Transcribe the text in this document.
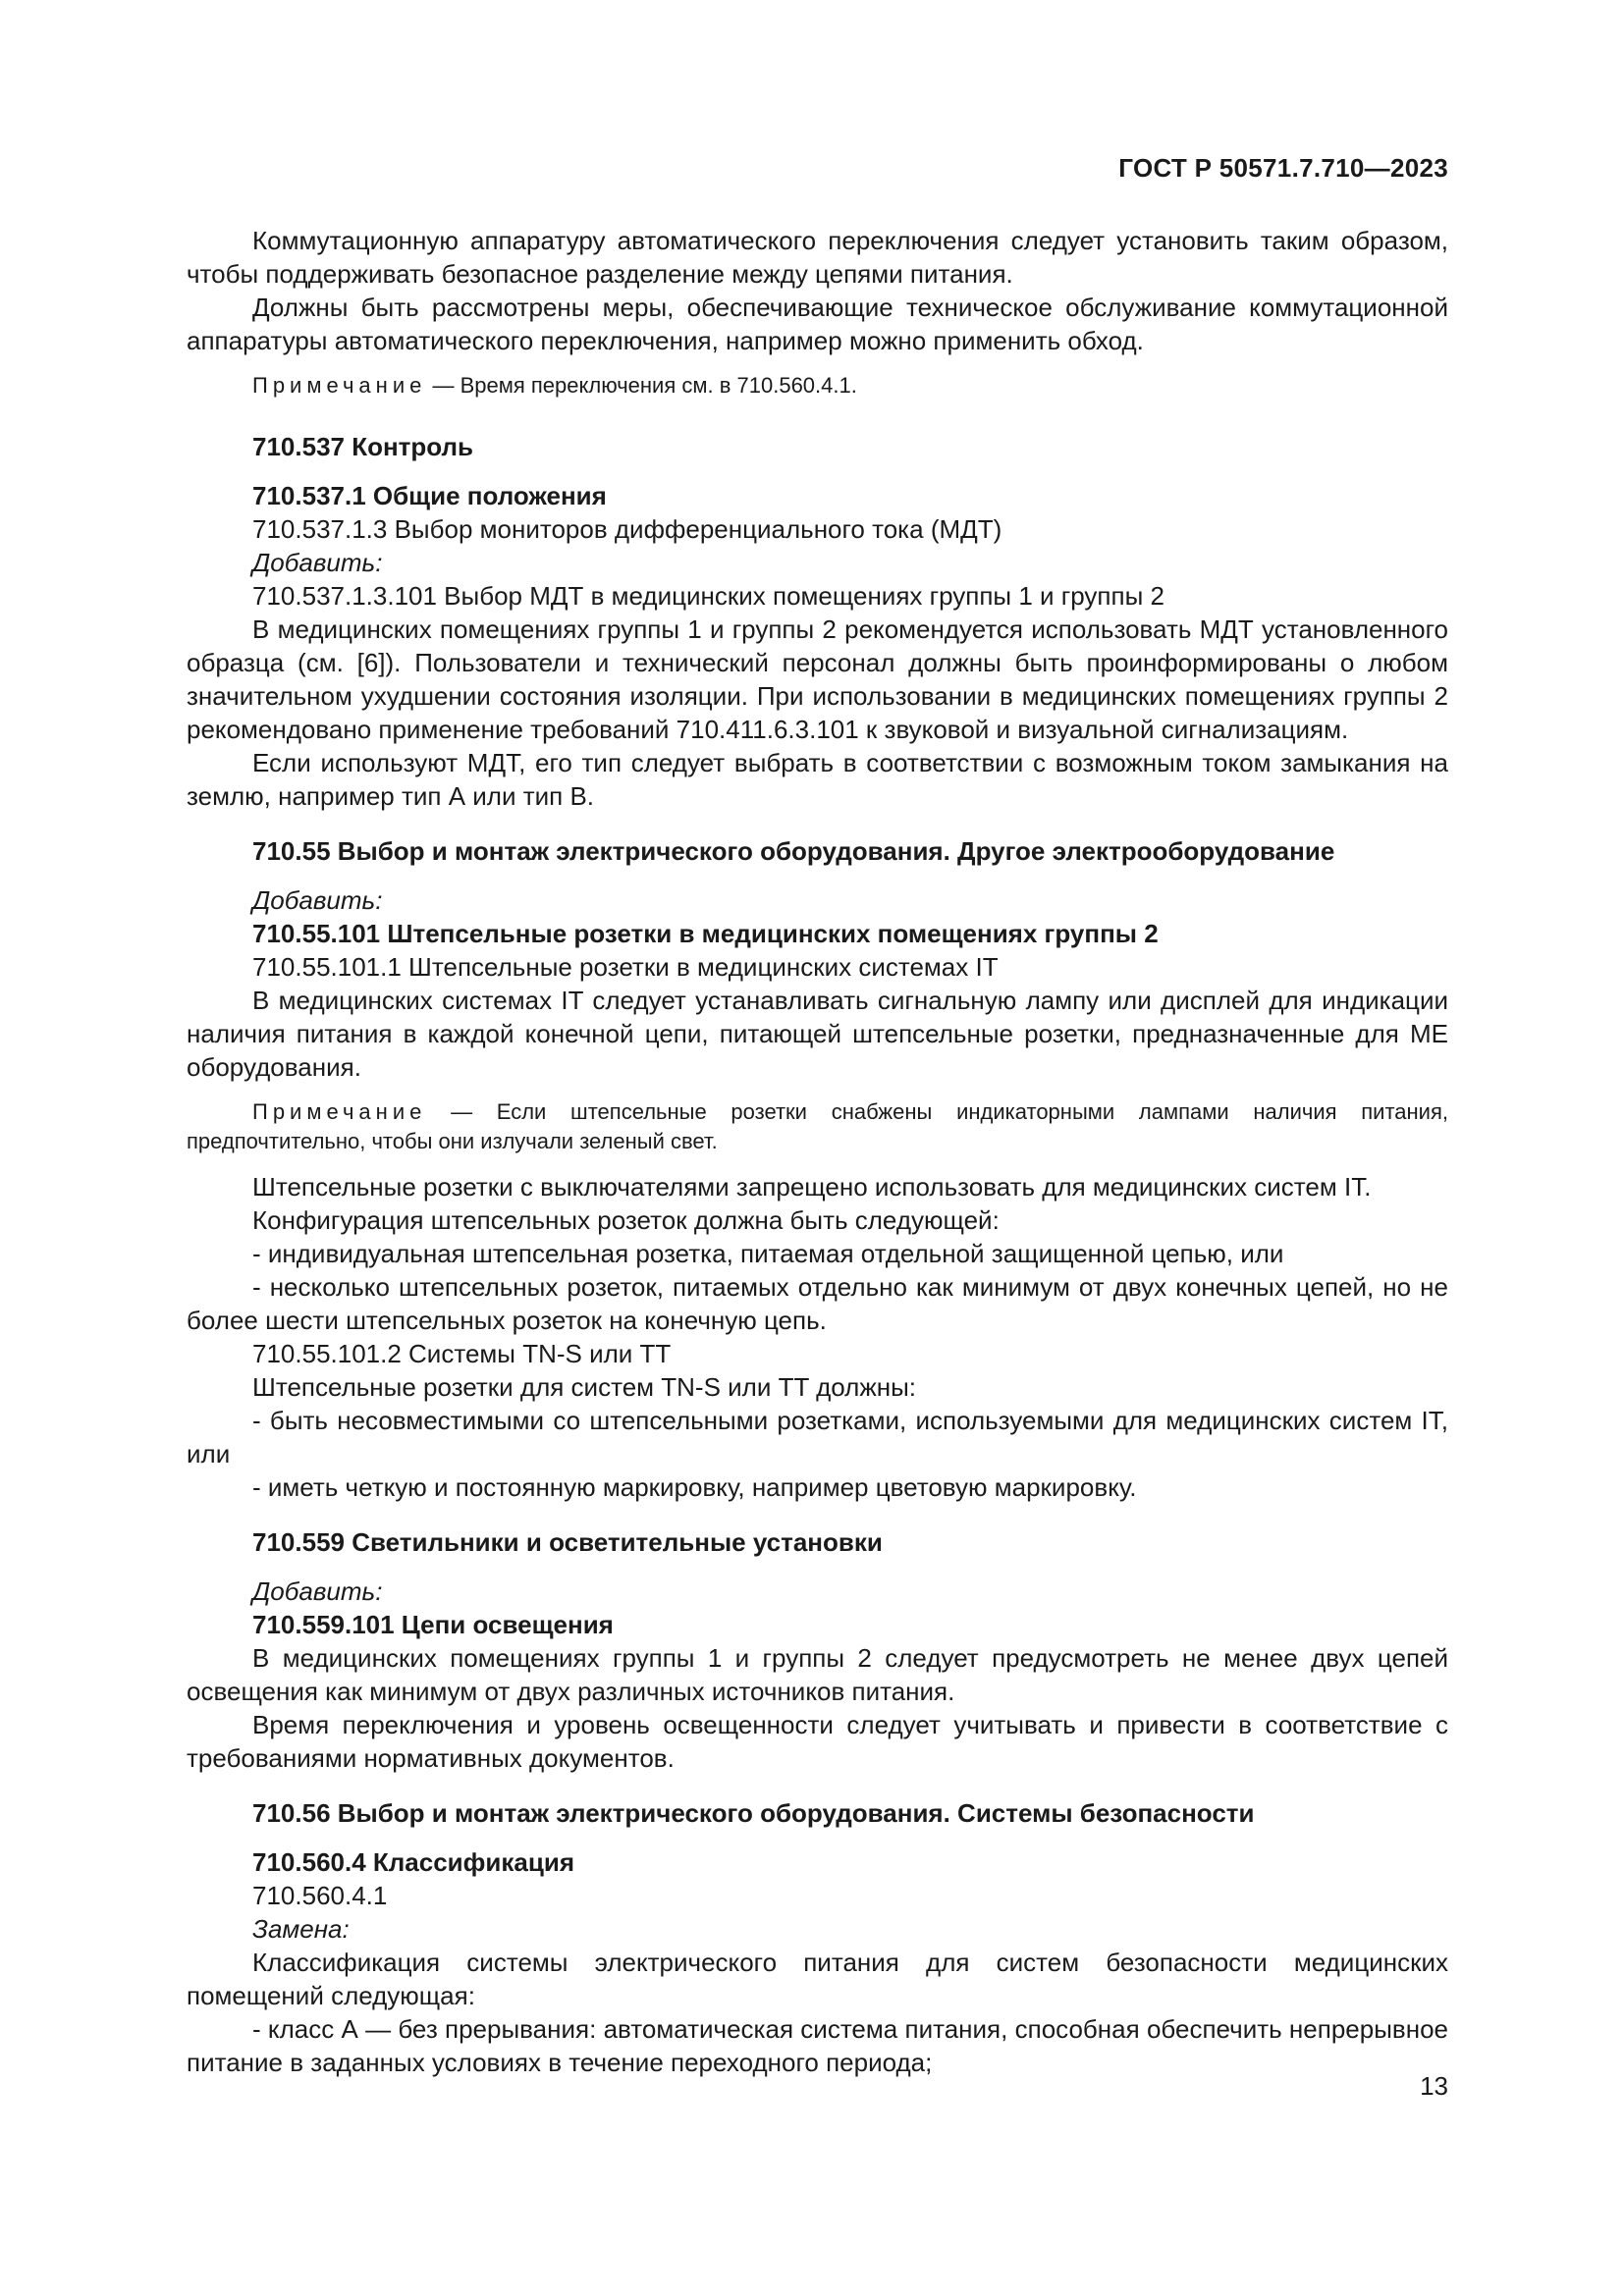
ГОСТ Р 50571.7.710—2023

Коммутационную аппаратуру автоматического переключения следует установить таким образом, чтобы поддерживать безопасное разделение между цепями питания.

Должны быть рассмотрены меры, обеспечивающие техническое обслуживание коммутационной аппаратуры автоматического переключения, например можно применить обход.

Примечание — Время переключения см. в 710.560.4.1.

710.537 Контроль

710.537.1 Общие положения

710.537.1.3 Выбор мониторов дифференциального тока (МДТ)

Добавить:

710.537.1.3.101 Выбор МДТ в медицинских помещениях группы 1 и группы 2

В медицинских помещениях группы 1 и группы 2 рекомендуется использовать МДТ установленного образца (см. [6]). Пользователи и технический персонал должны быть проинформированы о любом значительном ухудшении состояния изоляции. При использовании в медицинских помещениях группы 2 рекомендовано применение требований 710.411.6.3.101 к звуковой и визуальной сигнализациям.

Если используют МДТ, его тип следует выбрать в соответствии с возможным током замыкания на землю, например тип А или тип В.

710.55 Выбор и монтаж электрического оборудования. Другое электрооборудование

Добавить:

710.55.101 Штепсельные розетки в медицинских помещениях группы 2

710.55.101.1 Штепсельные розетки в медицинских системах IT

В медицинских системах IT следует устанавливать сигнальную лампу или дисплей для индикации наличия питания в каждой конечной цепи, питающей штепсельные розетки, предназначенные для МЕ оборудования.

Примечание — Если штепсельные розетки снабжены индикаторными лампами наличия питания, предпочтительно, чтобы они излучали зеленый свет.

Штепсельные розетки с выключателями запрещено использовать для медицинских систем IT.

Конфигурация штепсельных розеток должна быть следующей:

- индивидуальная штепсельная розетка, питаемая отдельной защищенной цепью, или

- несколько штепсельных розеток, питаемых отдельно как минимум от двух конечных цепей, но не более шести штепсельных розеток на конечную цепь.

710.55.101.2 Системы TN-S или TT

Штепсельные розетки для систем TN-S или TT должны:

- быть несовместимыми со штепсельными розетками, используемыми для медицинских систем IT, или

- иметь четкую и постоянную маркировку, например цветовую маркировку.

710.559 Светильники и осветительные установки

Добавить:

710.559.101 Цепи освещения

В медицинских помещениях группы 1 и группы 2 следует предусмотреть не менее двух цепей освещения как минимум от двух различных источников питания.

Время переключения и уровень освещенности следует учитывать и привести в соответствие с требованиями нормативных документов.

710.56 Выбор и монтаж электрического оборудования. Системы безопасности

710.560.4 Классификация

710.560.4.1

Замена:

Классификация системы электрического питания для систем безопасности медицинских помещений следующая:

- класс А — без прерывания: автоматическая система питания, способная обеспечить непрерывное питание в заданных условиях в течение переходного периода;

13
